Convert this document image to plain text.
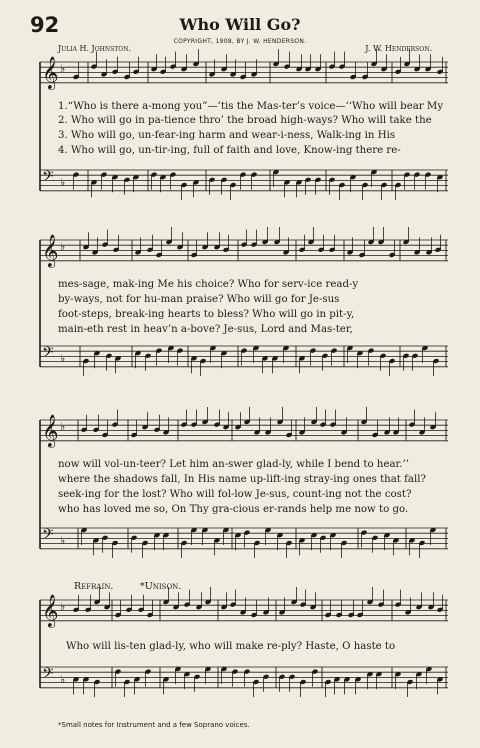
92	Who Will Go?
COPYRIGHT, 1908, BY J. W. HENDERSON.
Julia H. Johnston.	J. W. Henderson.
𝄞
𝄢
♭
♭
𝄞
𝄢
♭
♭
𝄞
𝄢
♭
♭
𝄞
𝄢
♭
♭
1.“Who is there a-mong you”—’tis the Mas-ter’s voice—‘‘Who will bear My
2. Who will go in pa-tience thro’ the broad high-ways? Who will take the
3. Who will go, un-fear-ing harm and wear-i-ness, Walk-ing in His
4. Who will go, un-tir-ing, full of faith and love, Know-ing there re-
mes-sage, mak-ing Me his choice? Who for serv-ice read-y
by-ways, not for hu-man praise? Who will go for Je-sus
foot-steps, break-ing hearts to bless? Who will go in pit-y,
main-eth rest in heav’n a-bove? Je-sus, Lord and Mas-ter,
now will vol-un-teer? Let him an-swer glad-ly, while I bend to hear.’’
where the shadows fall, In His name up-lift-ing stray-ing ones that fall?
seek-ing for the lost? Who will fol-low Je-sus, count-ing not the cost?
who has loved me so, On Thy gra-cious er-rands help me now to go.
Refrain.	*Unison.
Who will lis-ten glad-ly, who will make re-ply? Haste, O haste to
*Small notes for Instrument and a few Soprano voices.
